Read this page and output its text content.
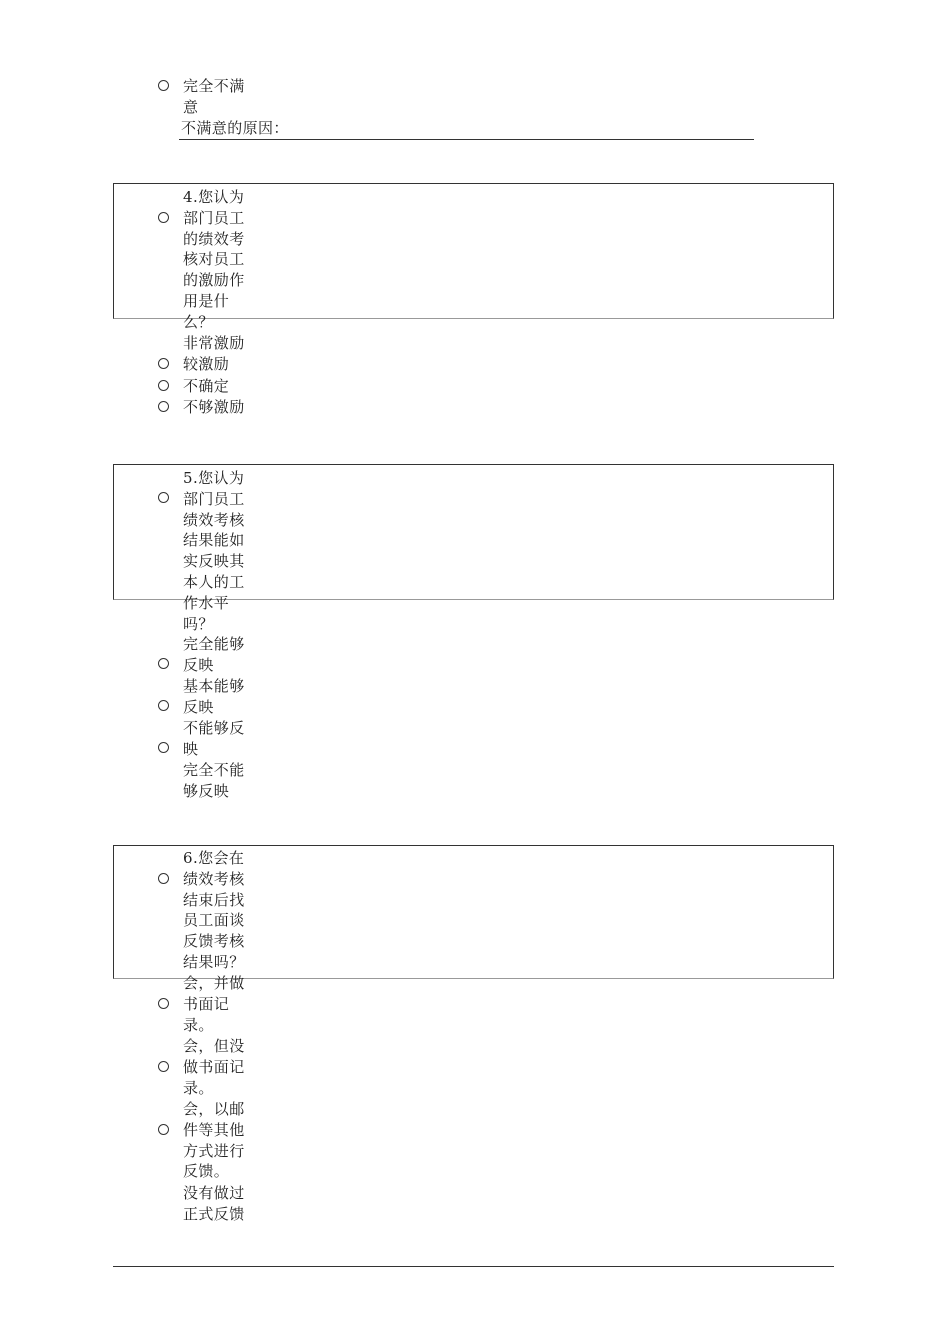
完全不满意
不满意的原因：
4.您认为部门员工的绩效考核对员工的激励作用是什么？
非常激励
较激励
不确定
不够激励
5.您认为部门员工绩效考核结果能如实反映其本人的工作水平吗？
完全能够反映
基本能够反映
不能够反映
完全不能够反映
6.您会在绩效考核结束后找员工面谈反馈考核结果吗？
会，并做书面记录。
会，但没做书面记录。
会，以邮件等其他方式进行反馈。
没有做过正式反馈
